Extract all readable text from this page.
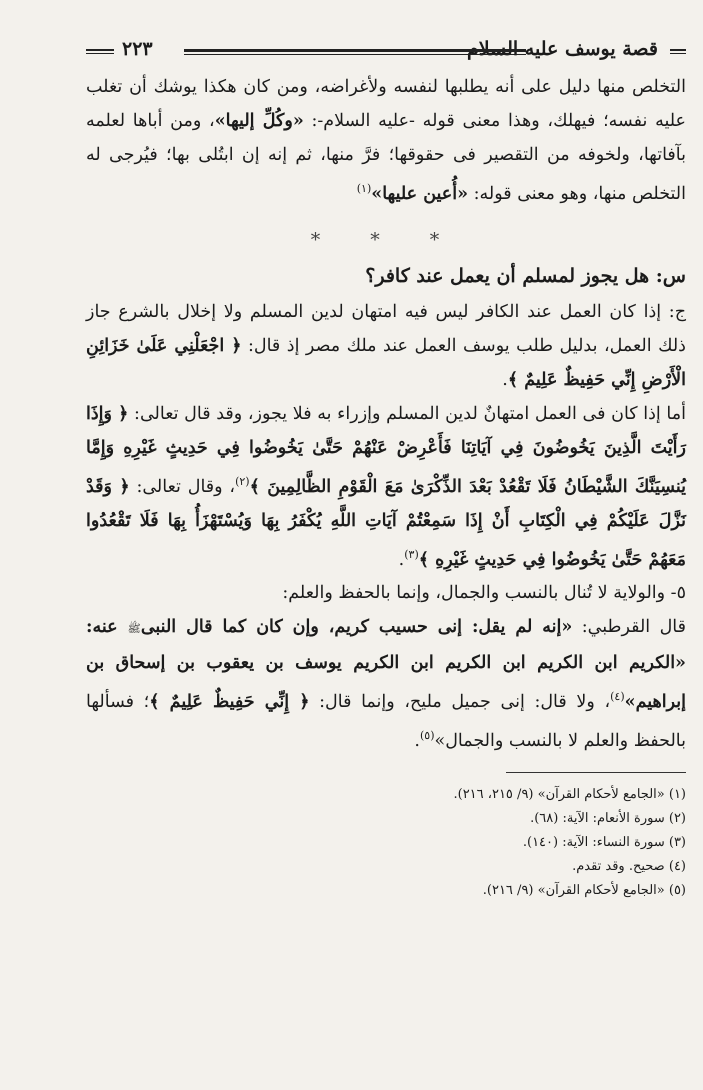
قصة يوسف عليه السلام
٢٢٣

التخلص منها دليل على أنه يطلبها لنفسه ولأغراضه، ومن كان هكذا يوشك أن تغلب عليه نفسه؛ فيهلك، وهذا معنى قوله -عليه السلام-: «وكُلِّ إليها»، ومن أباها لعلمه بآفاتها، ولخوفه من التقصير فى حقوقها؛ فرَّ منها، ثم إنه إن ابتُلى بها؛ فيُرجى له التخلص منها، وهو معنى قوله: «أُعين عليها»$^{(١)}$

* * *

س: هل يجوز لمسلم أن يعمل عند كافر؟

ج: إذا كان العمل عند الكافر ليس فيه امتهان لدين المسلم ولا إخلال بالشرع جاز ذلك العمل، بدليل طلب يوسف العمل عند ملك مصر إذ قال: ﴿ اجْعَلْنِي عَلَىٰ خَزَائِنِ الْأَرْضِ إِنِّي حَفِيظٌ عَلِيمٌ ﴾.

أما إذا كان فى العمل امتهانٌ لدين المسلم وإزراء به فلا يجوز، وقد قال تعالى: ﴿ وَإِذَا رَأَيْتَ الَّذِينَ يَخُوضُونَ فِي آيَاتِنَا فَأَعْرِضْ عَنْهُمْ حَتَّىٰ يَخُوضُوا فِي حَدِيثٍ غَيْرِهِ وَإِمَّا يُنسِيَنَّكَ الشَّيْطَانُ فَلَا تَقْعُدْ بَعْدَ الذِّكْرَىٰ مَعَ الْقَوْمِ الظَّالِمِينَ ﴾$^{(٢)}$، وقال تعالى: ﴿ وَقَدْ نَزَّلَ عَلَيْكُمْ فِي الْكِتَابِ أَنْ إِذَا سَمِعْتُمْ آيَاتِ اللَّهِ يُكْفَرُ بِهَا وَيُسْتَهْزَأُ بِهَا فَلَا تَقْعُدُوا مَعَهُمْ حَتَّىٰ يَخُوضُوا فِي حَدِيثٍ غَيْرِهِ ﴾$^{(٣)}$.

٥- والولاية لا تُنال بالنسب والجمال، وإنما بالحفظ والعلم:

قال القرطبي: «إنه لم يقل: إنى حسيب كريم، وإن كان كما قال النبىﷺ عنه: «الكريم ابن الكريم ابن الكريم ابن الكريم يوسف بن يعقوب بن إسحاق بن إبراهيم»$^{(٤)}$، ولا قال: إنى جميل مليح، وإنما قال: ﴿ إِنِّي حَفِيظٌ عَلِيمٌ ﴾؛ فسألها بالحفظ والعلم لا بالنسب والجمال»$^{(٥)}$.

(١) «الجامع لأحكام القرآن» (٩/ ٢١٥، ٢١٦).

(٢) سورة الأنعام: الآية: (٦٨).

(٣) سورة النساء: الآية: (١٤٠).

(٤) صحيح. وقد تقدم.

(٥) «الجامع لأحكام القرآن» (٩/ ٢١٦).
